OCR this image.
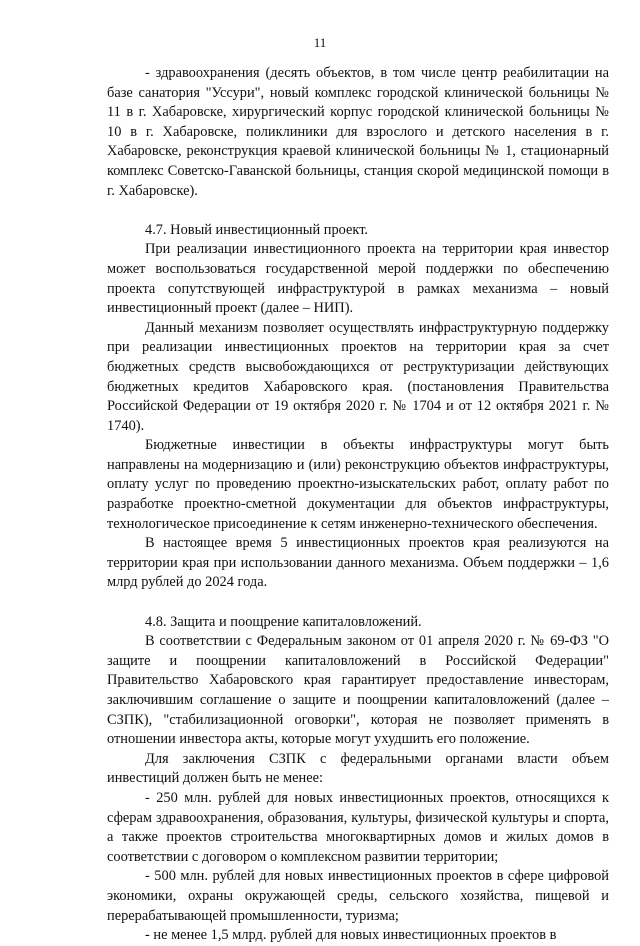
11

- здравоохранения (десять объектов, в том числе центр реабилитации на базе санатория "Уссури", новый комплекс городской клинической больницы № 11 в г. Хабаровске, хирургический корпус городской клинической больницы № 10 в г. Хабаровске, поликлиники для взрослого и детского населения в г. Хабаровске, реконструкция краевой клинической больницы № 1, стационарный комплекс Советско-Гаванской больницы, станция скорой медицинской помощи в г. Хабаровске).

4.7. Новый инвестиционный проект.

При реализации инвестиционного проекта на территории края инвестор может воспользоваться государственной мерой поддержки по обеспечению проекта сопутствующей инфраструктурой в рамках механизма – новый инвестиционный проект (далее – НИП).

Данный механизм позволяет осуществлять инфраструктурную поддержку при реализации инвестиционных проектов на территории края за счет бюджетных средств высвобождающихся от реструктуризации действующих бюджетных кредитов Хабаровского края. (постановления Правительства Российской Федерации от 19 октября 2020 г. № 1704 и от 12 октября 2021 г. № 1740).

Бюджетные инвестиции в объекты инфраструктуры могут быть направлены на модернизацию и (или) реконструкцию объектов инфраструктуры, оплату услуг по проведению проектно-изыскательских работ, оплату работ по разработке проектно-сметной документации для объектов инфраструктуры, технологическое присоединение к сетям инженерно-технического обеспечения.

В настоящее время 5 инвестиционных проектов края реализуются на территории края при использовании данного механизма. Объем поддержки – 1,6 млрд рублей до 2024 года.

4.8. Защита и поощрение капиталовложений.

В соответствии с Федеральным законом от 01 апреля 2020 г. № 69-ФЗ "О защите и поощрении капиталовложений в Российской Федерации" Правительство Хабаровского края гарантирует предоставление инвесторам, заключившим соглашение о защите и поощрении капиталовложений (далее – СЗПК), "стабилизационной оговорки", которая не позволяет применять в отношении инвестора акты, которые могут ухудшить его положение.

Для заключения СЗПК с федеральными органами власти объем инвестиций должен быть не менее:

- 250 млн. рублей для новых инвестиционных проектов, относящихся к сферам здравоохранения, образования, культуры, физической культуры и спорта, а также проектов строительства многоквартирных домов и жилых домов в соответствии с договором о комплексном развитии территории;

- 500 млн. рублей для новых инвестиционных проектов в сфере цифровой экономики, охраны окружающей среды, сельского хозяйства, пищевой и перерабатывающей промышленности, туризма;

- не менее 1,5 млрд. рублей для новых инвестиционных проектов в
